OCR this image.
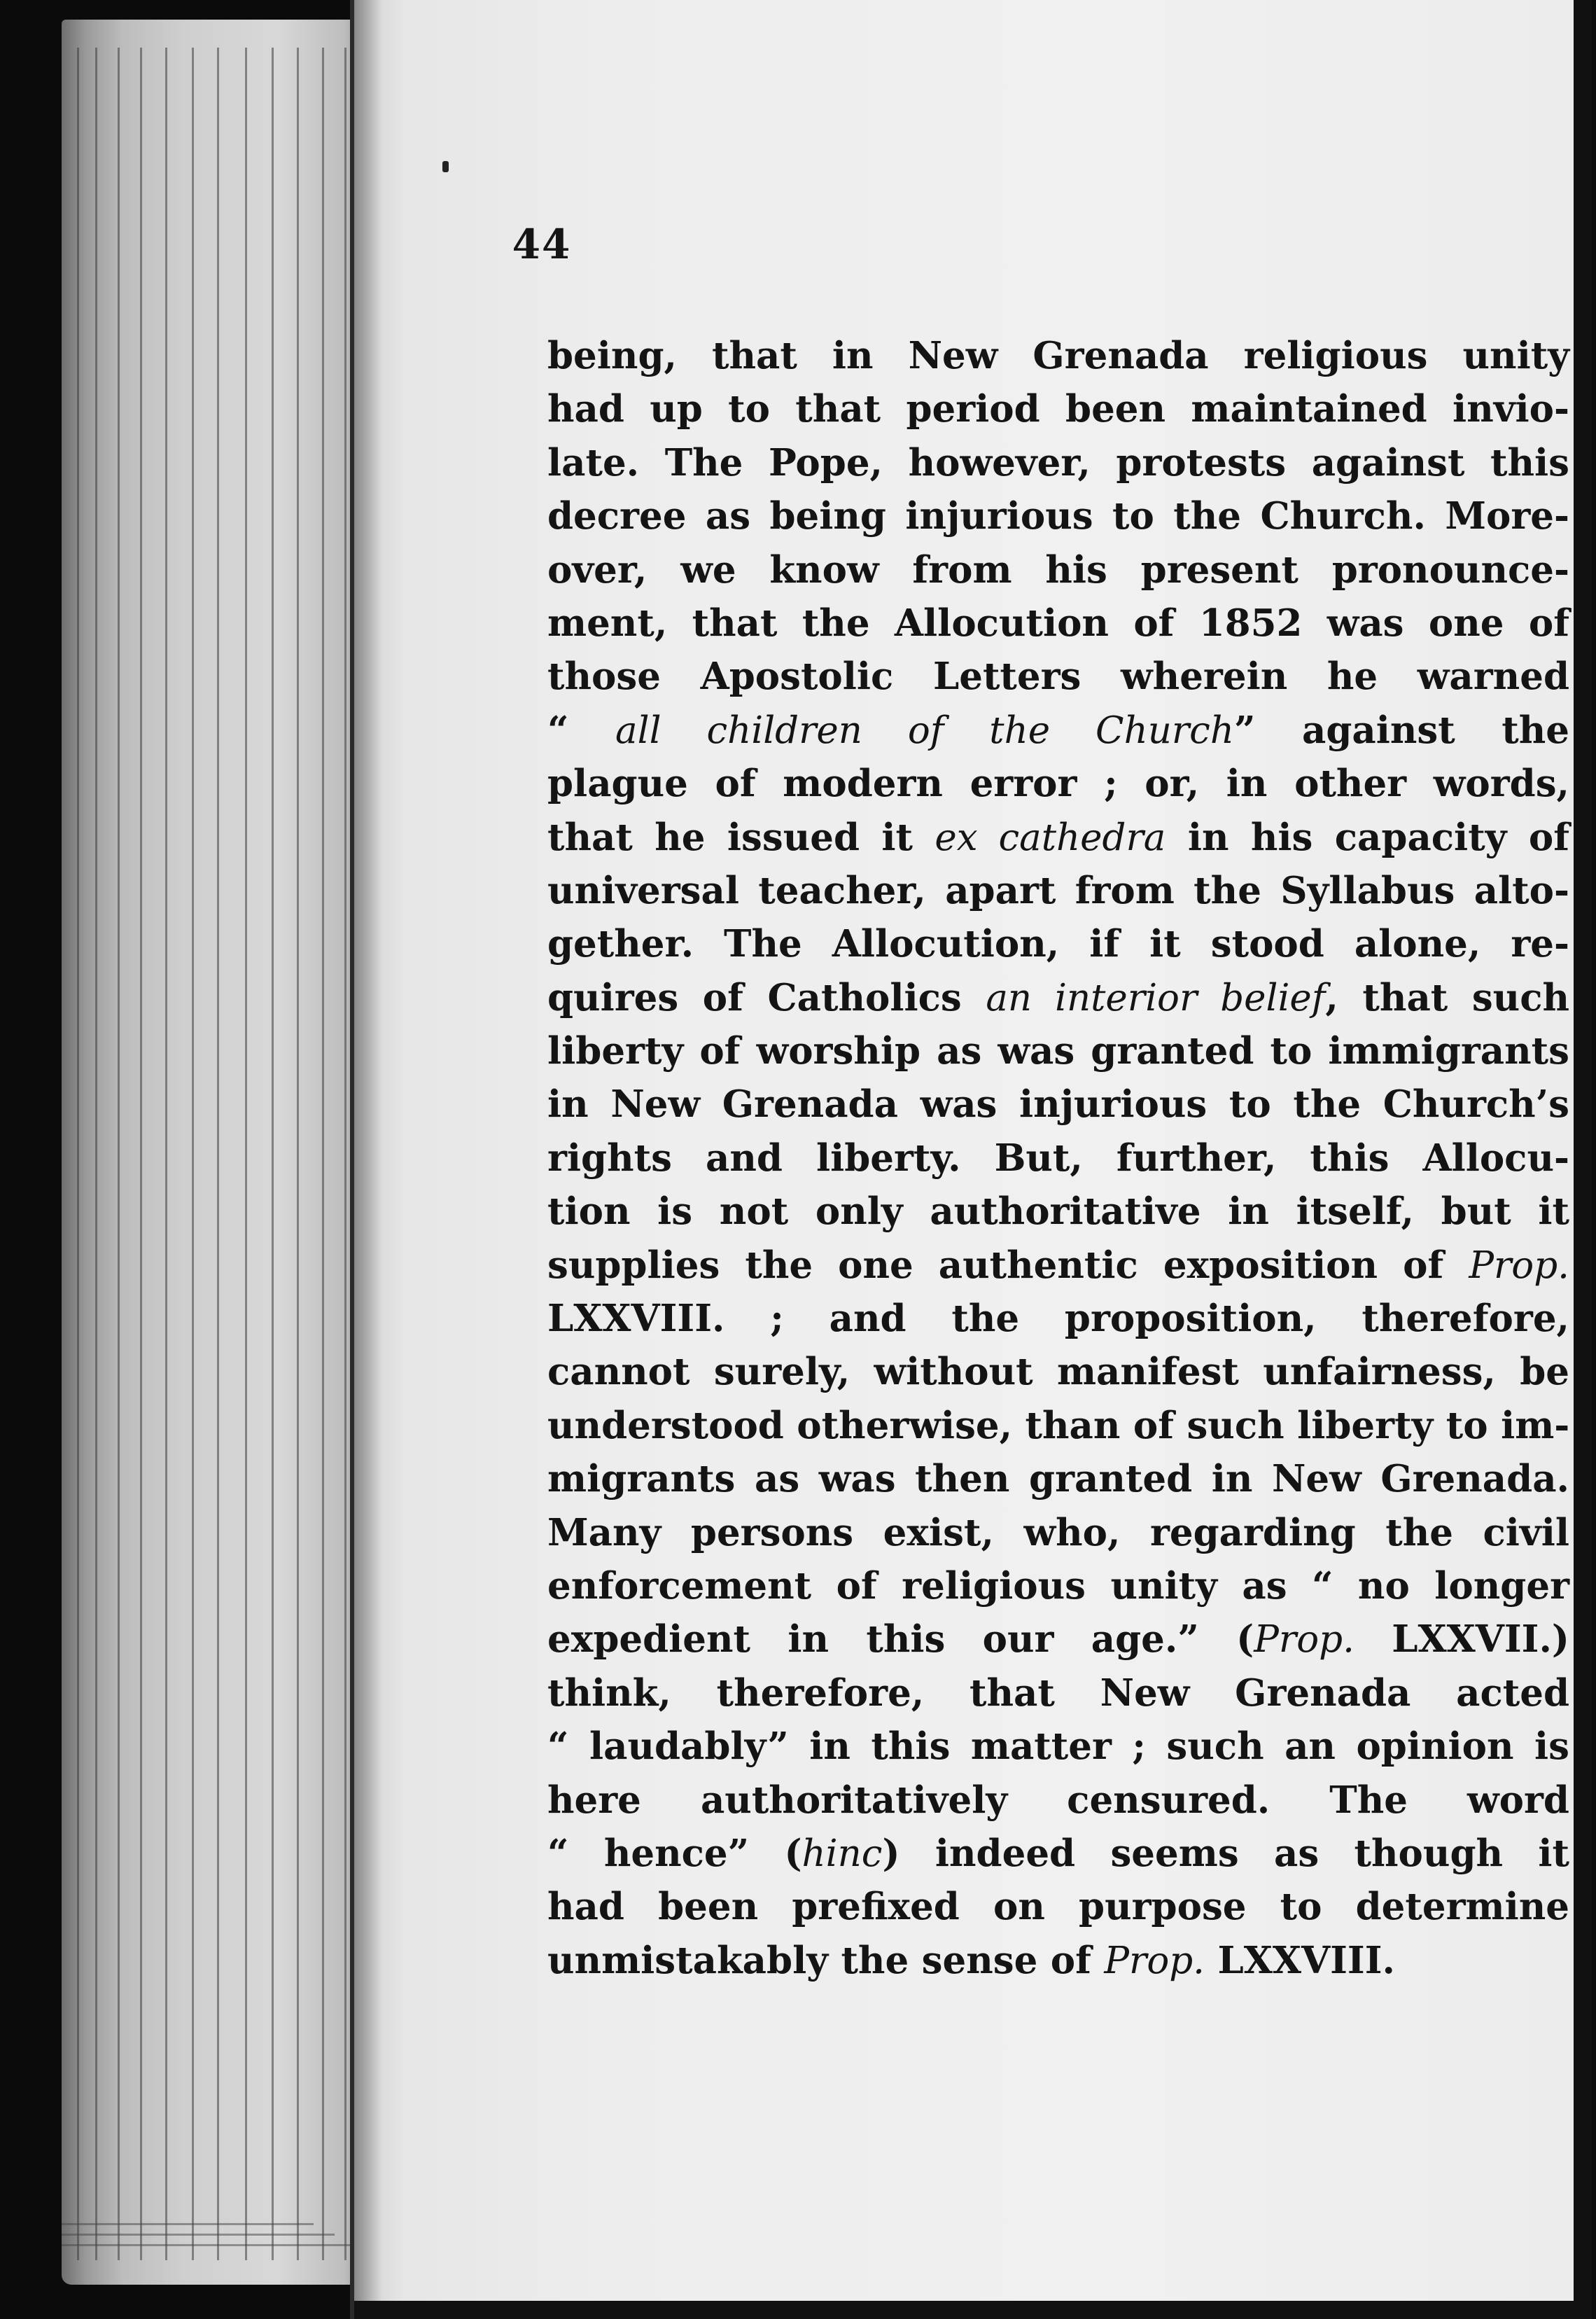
44
being, that in New Grenada religious unity
had up to that period been maintained invio-
late. The Pope, however, protests against this
decree as being injurious to the Church. More-
over, we know from his present pronounce-
ment, that the Allocution of 1852 was one of
those Apostolic Letters wherein he warned
“ all children of the Church” against the
plague of modern error ; or, in other words,
that he issued it ex cathedra in his capacity of
universal teacher, apart from the Syllabus alto-
gether. The Allocution, if it stood alone, re-
quires of Catholics an interior belief, that such
liberty of worship as was granted to immigrants
in New Grenada was injurious to the Church’s
rights and liberty. But, further, this Allocu-
tion is not only authoritative in itself, but it
supplies the one authentic exposition of Prop.
LXXVIII. ; and the proposition, therefore,
cannot surely, without manifest unfairness, be
understood otherwise, than of such liberty to im-
migrants as was then granted in New Grenada.
Many persons exist, who, regarding the civil
enforcement of religious unity as “ no longer
expedient in this our age.” (Prop. LXXVII.)
think, therefore, that New Grenada acted
“ laudably” in this matter ; such an opinion is
here authoritatively censured. The word
“ hence” (hinc) indeed seems as though it
had been prefixed on purpose to determine
unmistakably the sense of Prop. LXXVIII.
